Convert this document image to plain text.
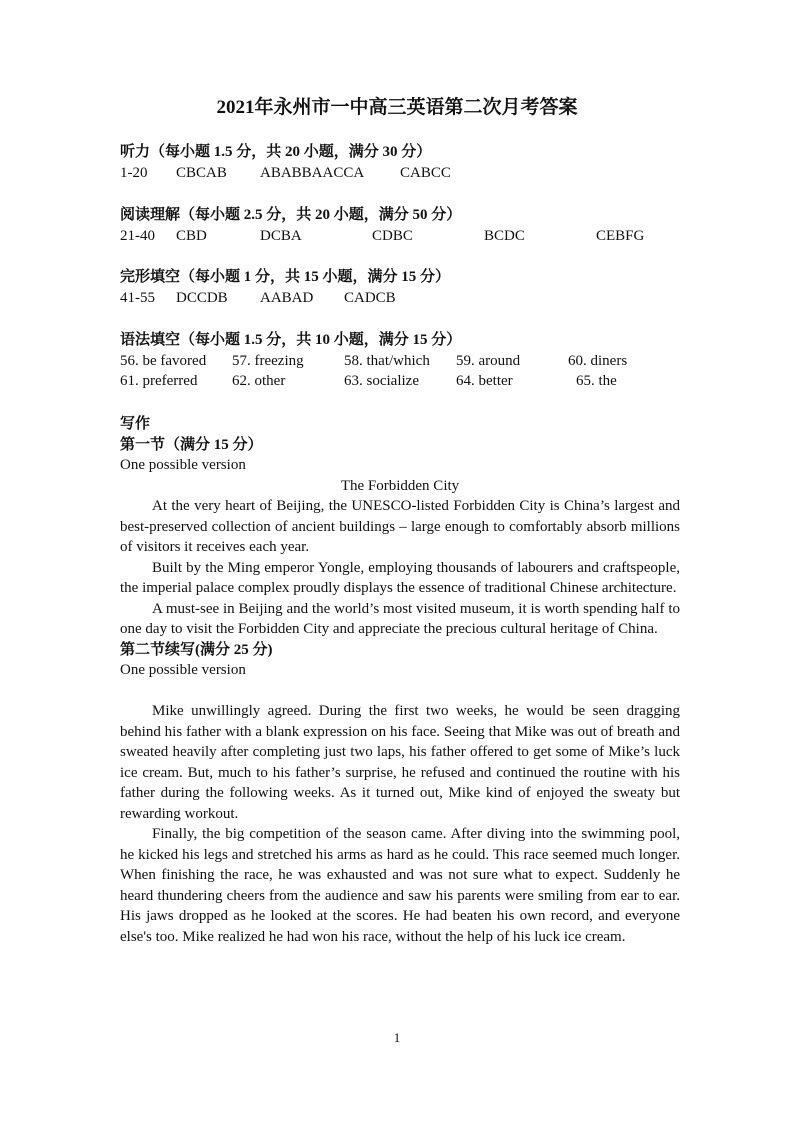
2021年永州市一中高三英语第二次月考答案
听力（每小题 1.5 分，共 20 小题，满分 30 分）
1-20 CBCAB ABABBAACCA CABCC
阅读理解（每小题 2.5 分，共 20 小题，满分 50 分）
21-40 CBD	DCBA	CDBC	BCDC	CEBFG
完形填空（每小题 1 分，共 15 小题，满分 15 分）
41-55 DCCDB AABAD CADCB
语法填空（每小题 1.5 分，共 10 小题，满分 15 分）
56. be favored 57. freezing	58. that/which 59. around	60. diners
61. preferred 62. other	63. socialize 64. better	65. the
写作
第一节（满分 15 分）

One possible version

The Forbidden City

At the very heart of Beijing, the UNESCO-listed Forbidden City is China’s largest and best-preserved collection of ancient buildings – large enough to comfortably absorb millions of visitors it receives each year.

Built by the Ming emperor Yongle, employing thousands of labourers and craftspeople, the imperial palace complex proudly displays the essence of traditional Chinese architecture.

A must-see in Beijing and the world’s most visited museum, it is worth spending half to one day to visit the Forbidden City and appreciate the precious cultural heritage of China.

第二节续写(满分 25 分)

One possible version

Mike unwillingly agreed. During the first two weeks, he would be seen dragging behind his father with a blank expression on his face. Seeing that Mike was out of breath and sweated heavily after completing just two laps, his father offered to get some of Mike’s luck ice cream. But, much to his father’s surprise, he refused and continued the routine with his father during the following weeks. As it turned out, Mike kind of enjoyed the sweaty but rewarding workout.

Finally, the big competition of the season came. After diving into the swimming pool, he kicked his legs and stretched his arms as hard as he could. This race seemed much longer. When finishing the race, he was exhausted and was not sure what to expect. Suddenly he heard thundering cheers from the audience and saw his parents were smiling from ear to ear. His jaws dropped as he looked at the scores. He had beaten his own record, and everyone else's too. Mike realized he had won his race, without the help of his luck ice cream.

1
